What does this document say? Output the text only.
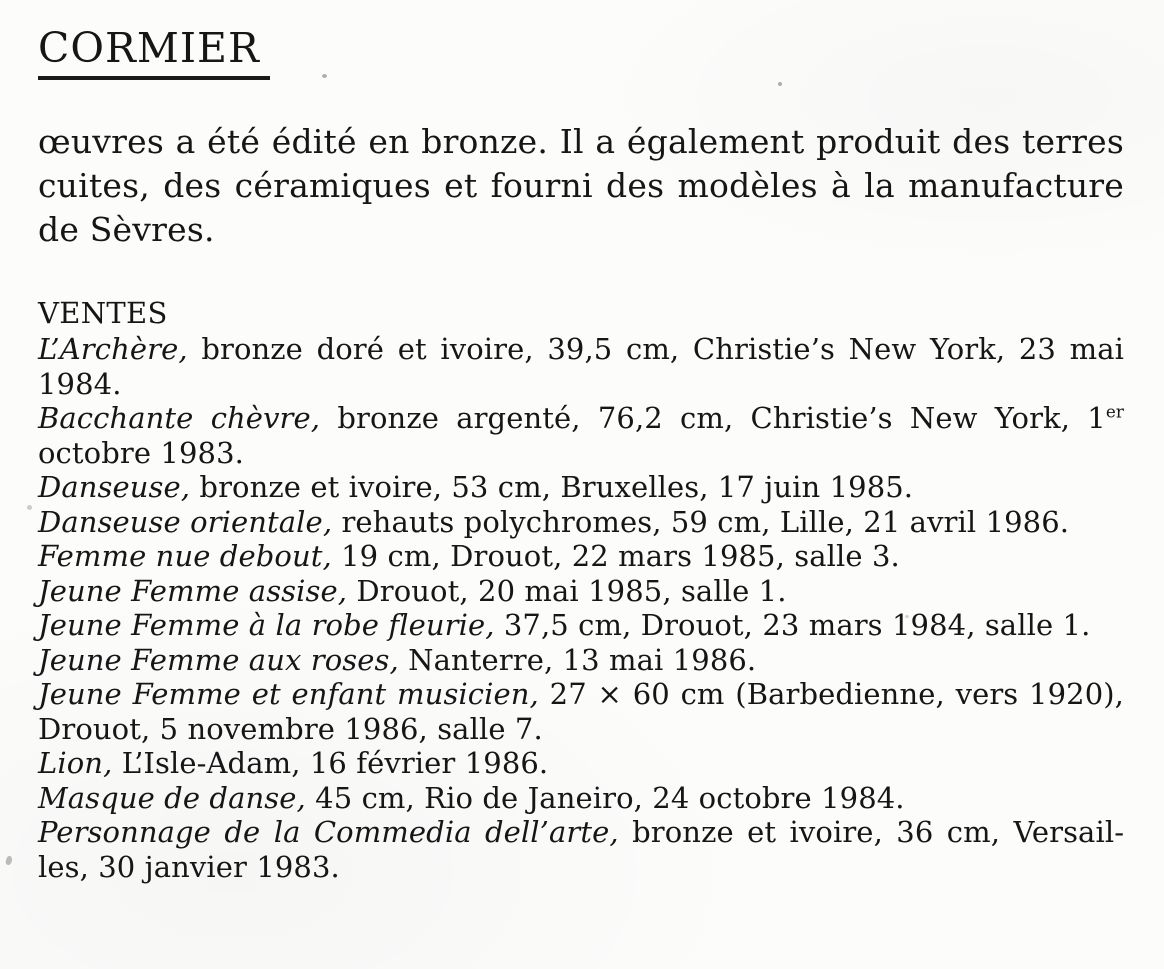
CORMIER

œuvres a été édité en bronze. Il a également produit des terres cuites, des céramiques et fourni des modèles à la manufacture de Sèvres.

VENTES

L’Archère, bronze doré et ivoire, 39,5 cm, Christie’s New York, 23 mai 1984.

Bacchante chèvre, bronze argenté, 76,2 cm, Christie’s New York, 1er octobre 1983.

Danseuse, bronze et ivoire, 53 cm, Bruxelles, 17 juin 1985.

Danseuse orientale, rehauts polychromes, 59 cm, Lille, 21 avril 1986.

Femme nue debout, 19 cm, Drouot, 22 mars 1985, salle 3.

Jeune Femme assise, Drouot, 20 mai 1985, salle 1.

Jeune Femme à la robe fleurie, 37,5 cm, Drouot, 23 mars 1984, salle 1.

Jeune Femme aux roses, Nanterre, 13 mai 1986.

Jeune Femme et enfant musicien, 27 × 60 cm (Barbedienne, vers 1920), Drouot, 5 novembre 1986, salle 7.

Lion, L’Isle-Adam, 16 février 1986.

Masque de danse, 45 cm, Rio de Janeiro, 24 octobre 1984.

Personnage de la Commedia dell’arte, bronze et ivoire, 36 cm, Versailles, 30 janvier 1983.
